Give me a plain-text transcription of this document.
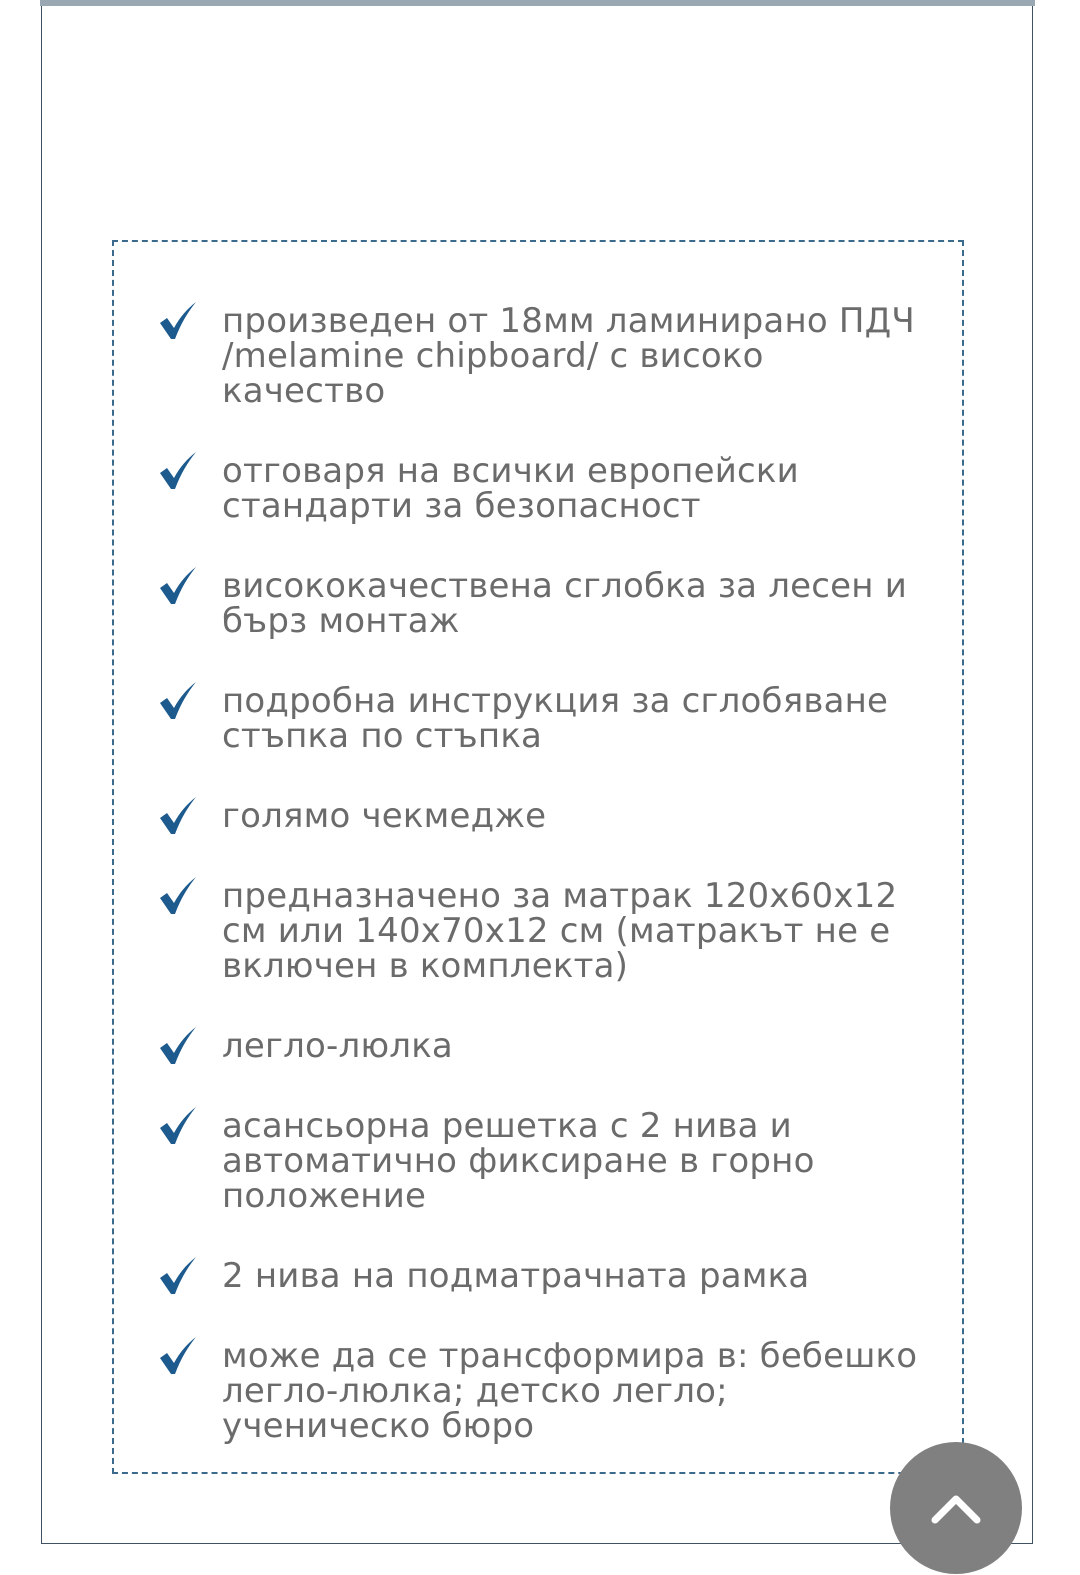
произведен от 18мм ламинирано ПДЧ /melamine chipboard/ с високо качество
отговаря на всички европейски стандарти за безопасност
висококачествена сглобка за лесен и бърз монтаж
подробна инструкция за сглобяване стъпка по стъпка
голямо чекмедже
предназначено за матрак 120х60х12 см или 140х70х12 см (матракът не е включен в комплекта)
легло-люлка
асансьорна решетка с 2 нива и автоматично фиксиране в горно положение
2 нива на подматрачната рамка
може да се трансформира в: бебешко легло-люлка; детско легло; ученическо бюро
